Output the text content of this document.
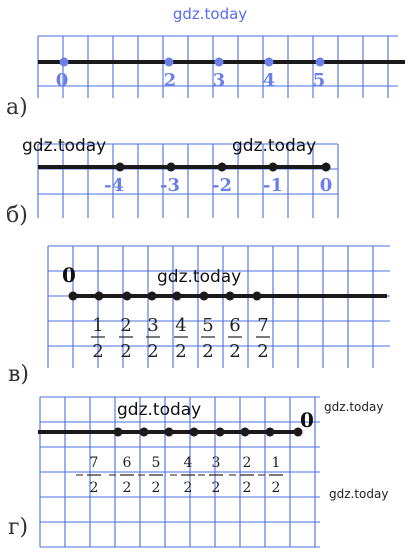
gdz.today
0	2 3 4 5
а)
-4 -3 -2 -1 0
gdz.today	gdz.today
б)
0	gdz.today
1
2
2
2
3
2
4
2
5
2
6
2
7
2
в)
0
gdz.today	gdz.today
gdz.today
7
2
6
2
5
2
4
2
3
2
2
2
1
2
г)
